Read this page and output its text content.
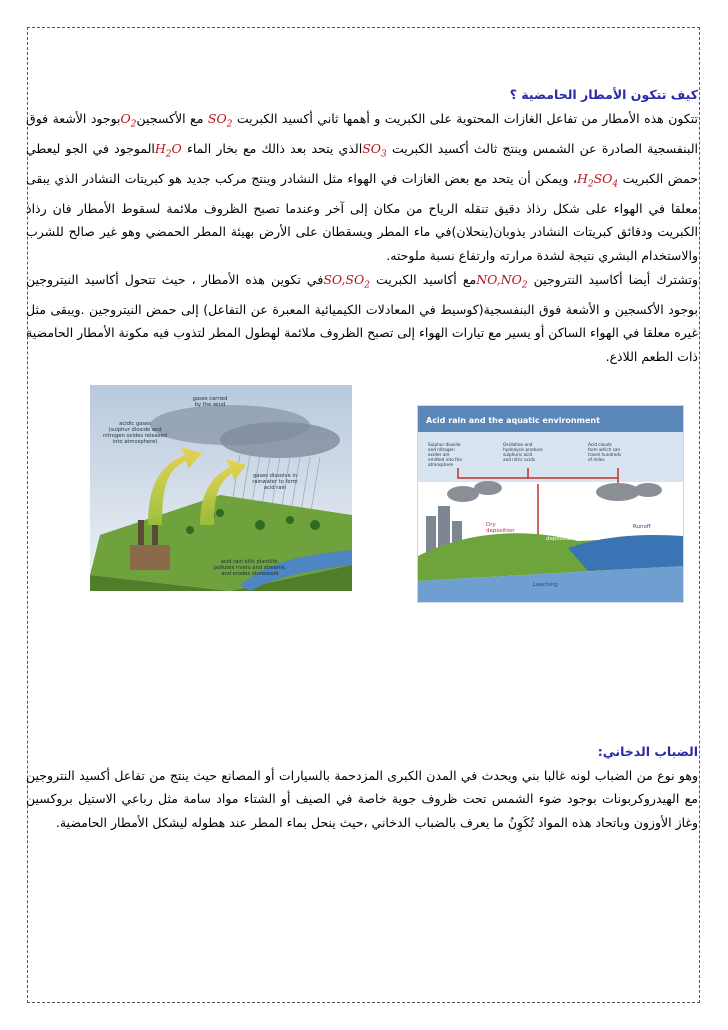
كيف تتكون الأمطار الحامضية ؟

تتكون هذه الأمطار من تفاعل الغازات المحتوية على الكبريت و أهمها ثاني أكسيد الكبريت $SO_2$ مع الأكسجينO$_2$بوجود الأشعة فوق البنفسجية الصادرة عن الشمس وينتج ثالث أكسيد الكبريت $SO_3الذي$ يتحد بعد ذالك مع بخار الماء $H_2Oالموجود$ في الجو ليعطي حمض الكبريت $H_2SO_4،$ ويمكن أن يتحد مع بعض الغازات في الهواء مثل النشادر وينتج مركب جديد هو كبريتات النشادر الذي يبقى معلقا في الهواء على شكل رذاذ دقيق تنقله الرياح من مكان إلى آخر وعندما تصبح الظروف ملائمة لسقوط الأمطار فان رذاذ الكبريت ودقائق كبريتات النشادر يذوبان(ينحلان)في ماء المطر ويسقطان على الأرض بهيئة المطر الحمضي وهو غير صالح للشرب والاستخدام البشري نتيجة لشدة مرارته وارتفاع نسبة ملوحته.

وتشترك أيضا أكاسيد النتروجين $NO,NO_2مع$ أكاسيد الكبريت $SO,SO_2في$ تكوين هذه الأمطار ، حيث تتحول أكاسيد النيتروجين بوجود الأكسجين و الأشعة فوق البنفسجية(كوسيط في المعادلات الكيميائية المعبرة عن التفاعل) إلى حمض النيتروجين .ويبقى مثل غيره معلقا في الهواء الساكن أو يسير مع تيارات الهواء إلى تصبح الظروف ملائمة لهطول المطر لتذوب فيه مكونة الأمطار الحامضية ذات الطعم اللاذع.

gases carried
by the wind
acidic gases
(sulphur dioxide and
nitrogen oxides released
into atmosphere)
gases dissolve in
rainwater to form
acid rain
acid rain kills plantlife,
pollutes rivers and streams,
and erodes stonework
Acid rain and the aquatic environment
Sulphur dioxide
and nitrogen
oxides are
emitted into the
atmosphere
Oxidation and
hydrolysis produce
sulphuric acid
and nitric acids
Acid clouds
form which can
travel hundreds
of miles
Dry
deposition	Local wet
deposition
Runoff
Leaching

الضباب الدخاني:

وهو نوع من الضباب لونه غالبا بني ويحدث في المدن الكبرى المزدحمة بالسيارات أو المصانع حيث ينتج من تفاعل أكسيد النتروجين مع الهيدروكربونات بوجود ضوء الشمس تحت ظروف جوية خاصة في الصيف أو الشتاء مواد سامة مثل رباعي الاستيل بروكسين وغاز الأوزون وباتحاد هذه المواد تُكَوِنُ ما يعرف بالضباب الدخاني ،حيث ينحل بماء المطر عند هطوله ليشكل الأمطار الحامضية.
